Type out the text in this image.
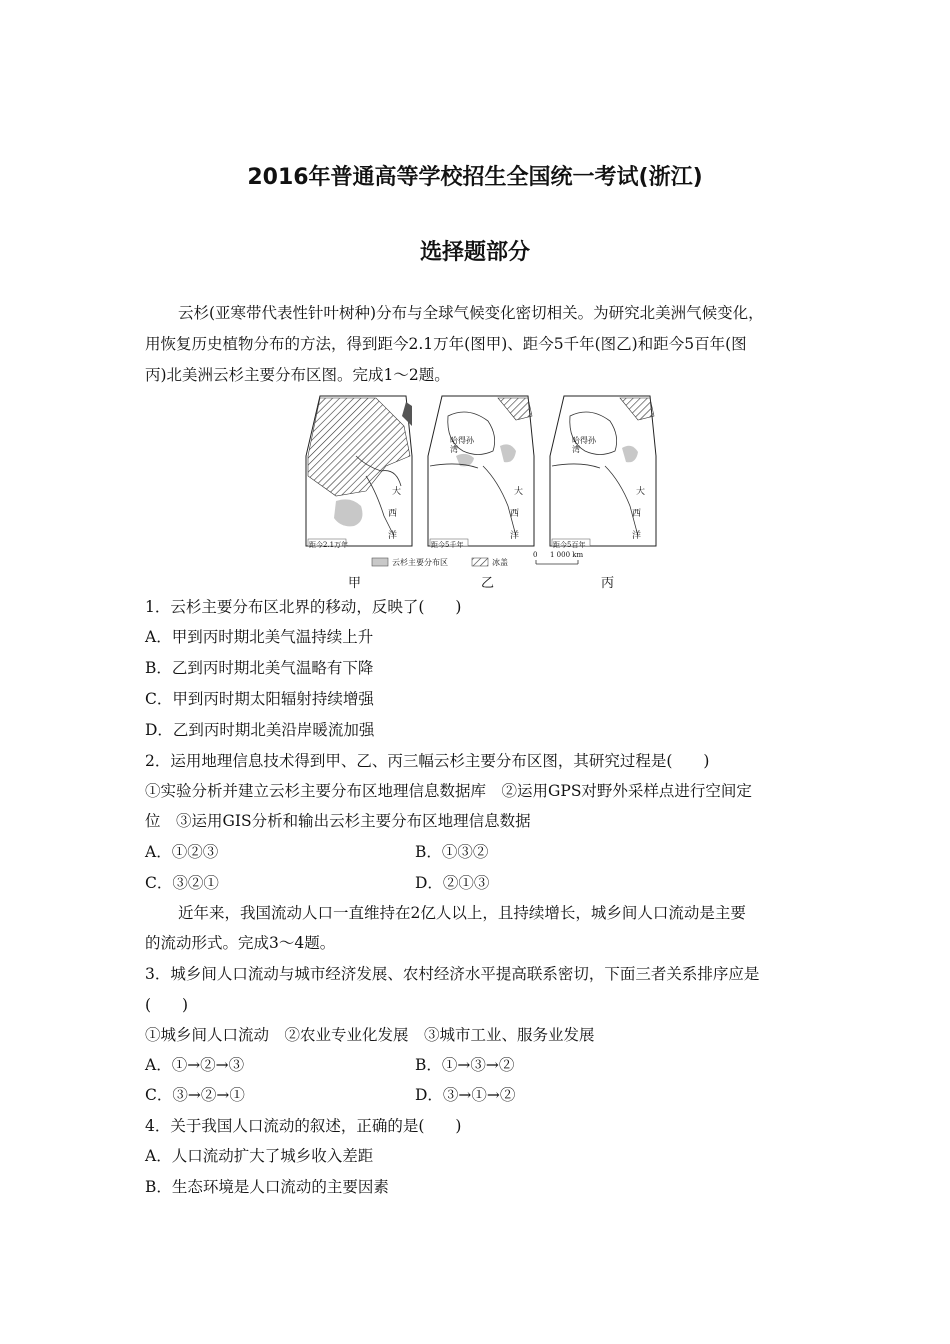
2016年普通高等学校招生全国统一考试(浙江)
选择题部分
云杉(亚寒带代表性针叶树种)分布与全球气候变化密切相关。为研究北美洲气候变化，
用恢复历史植物分布的方法，得到距今2.1万年(图甲)、距今5千年(图乙)和距今5百年(图
丙)北美洲云杉主要分布区图。完成1～2题。
距今2.1万年	距今5千年	距今5百年
哈得孙湾
哈得孙湾
大
西
洋
大
西
洋
大
西
洋
云杉主要分布区	冰盖
0 1 000 km
甲	乙	丙
1．云杉主要分布区北界的移动，反映了(　　)
A．甲到丙时期北美气温持续上升
B．乙到丙时期北美气温略有下降
C．甲到丙时期太阳辐射持续增强
D．乙到丙时期北美沿岸暖流加强
2．运用地理信息技术得到甲、乙、丙三幅云杉主要分布区图，其研究过程是(　　)
①实验分析并建立云杉主要分布区地理信息数据库　②运用GPS对野外采样点进行空间定
位　③运用GIS分析和输出云杉主要分布区地理信息数据
A．①②③	B．①③②
C．③②①	D．②①③
近年来，我国流动人口一直维持在2亿人以上，且持续增长，城乡间人口流动是主要
的流动形式。完成3～4题。
3．城乡间人口流动与城市经济发展、农村经济水平提高联系密切，下面三者关系排序应是
(　　)
①城乡间人口流动　②农业专业化发展　③城市工业、服务业发展
A．①→②→③	B．①→③→②
C．③→②→①	D．③→①→②
4．关于我国人口流动的叙述，正确的是(　　)
A．人口流动扩大了城乡收入差距
B．生态环境是人口流动的主要因素
